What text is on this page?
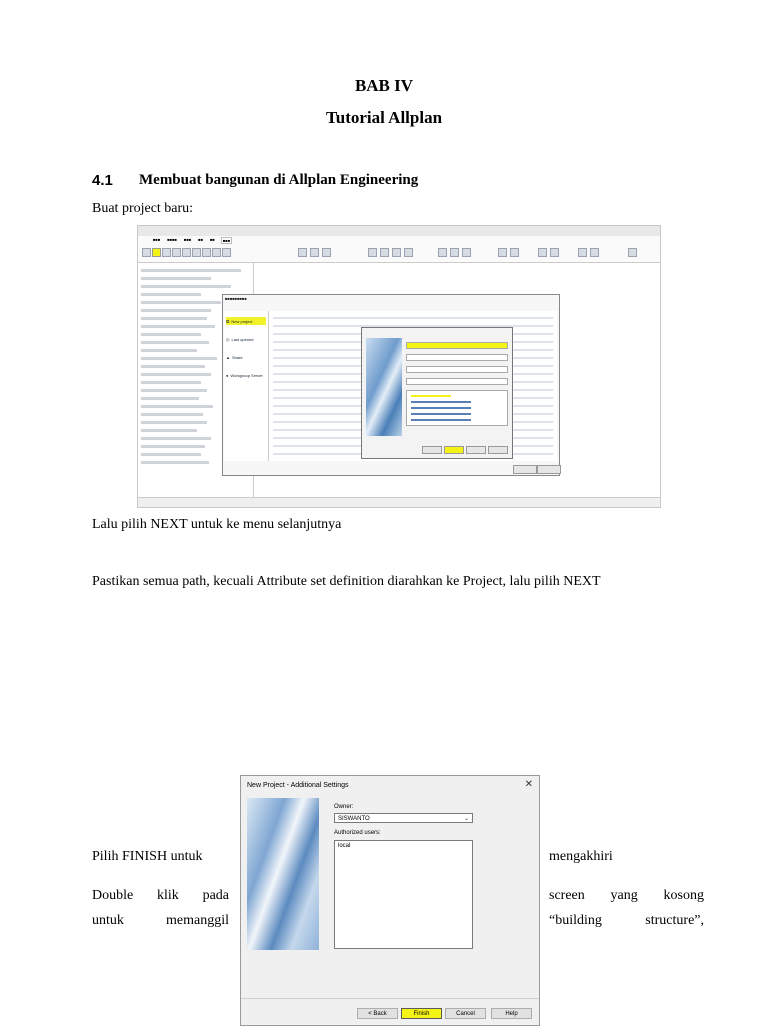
BAB IV
Tutorial Allplan
4.1 Membuat bangunan di Allplan Engineering
Buat project baru:
■■■ ■■■■ ■■■ ■■ ■■	■■■
■■■■■■■■■
✪ New project
◷ Last opened
▲ Share
● Workgroup Server
Lalu pilih NEXT untuk ke menu selanjutnya
Pastikan semua path, kecuali Attribute set definition diarahkan ke Project, lalu pilih NEXT
New Project - Additional Settings	✕
Owner:
SISWANTO	⌄
Authorized users:
local
< Back	Finish	Cancel	Help
Pilih FINISH untuk	mengakhiri
Double klik pada	screen yang kosong
untuk	memanggil	“building	structure”,
